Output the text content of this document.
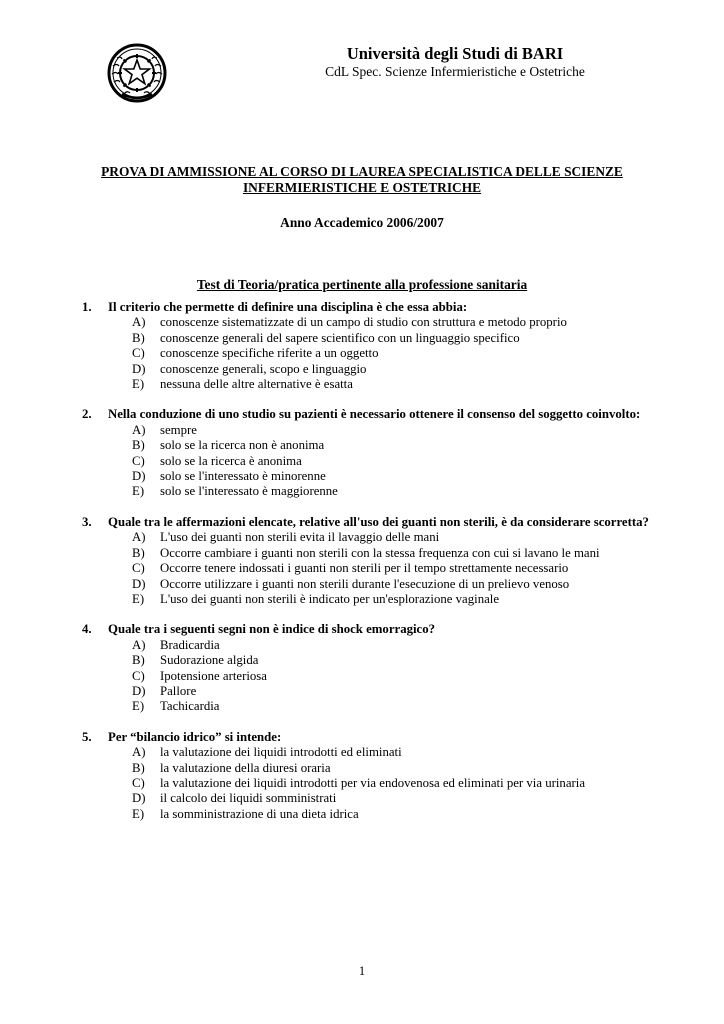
Università degli Studi di BARI
CdL Spec. Scienze Infermieristiche e Ostetriche
PROVA DI AMMISSIONE AL CORSO DI LAUREA SPECIALISTICA DELLE SCIENZE INFERMIERISTICHE E OSTETRICHE
Anno Accademico 2006/2007
Test di Teoria/pratica pertinente alla professione sanitaria
1.	Il criterio che permette di definire una disciplina è che essa abbia:
A)	conoscenze sistematizzate di un campo di studio con struttura e metodo proprio
B)	conoscenze generali del sapere scientifico con un linguaggio specifico
C)	conoscenze specifiche riferite a un oggetto
D)	conoscenze generali, scopo e linguaggio
E)	nessuna delle altre alternative è esatta
2.	Nella conduzione di uno studio su pazienti è necessario ottenere il consenso del soggetto coinvolto:
A)	sempre
B)	solo se la ricerca non è anonima
C)	solo se la ricerca è anonima
D)	solo se l'interessato è minorenne
E)	solo se l'interessato è maggiorenne
3.	Quale tra le affermazioni elencate, relative all'uso dei guanti non sterili, è da considerare scorretta?
A)	L'uso dei guanti non sterili evita il lavaggio delle mani
B)	Occorre cambiare i guanti non sterili con la stessa frequenza con cui si lavano le mani
C)	Occorre tenere indossati i guanti non sterili per il tempo strettamente necessario
D)	Occorre utilizzare i guanti non sterili durante l'esecuzione di un prelievo venoso
E)	L'uso dei guanti non sterili è indicato per un'esplorazione vaginale
4.	Quale tra i seguenti segni non è indice di shock emorragico?
A)	Bradicardia
B)	Sudorazione algida
C)	Ipotensione arteriosa
D)	Pallore
E)	Tachicardia
5.	Per “bilancio idrico” si intende:
A)	la valutazione dei liquidi introdotti ed eliminati
B)	la valutazione della diuresi oraria
C)	la valutazione dei liquidi introdotti per via endovenosa ed eliminati per via urinaria
D)	il calcolo dei liquidi somministrati
E)	la somministrazione di una dieta idrica
1
